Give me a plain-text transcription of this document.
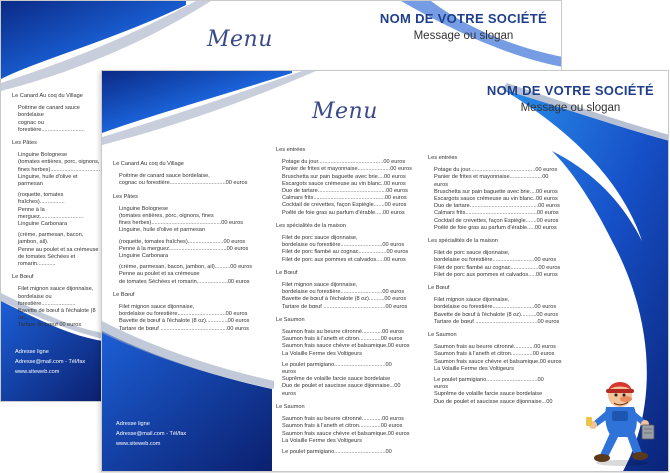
Menu
NOM DE VOTRE SOCIÉTÉ
Message ou slogan
Le Canard Au coq du Village
Poitrine de canard sauce bordelaise
cognac ou forestière............................
Les Pâtes
Linguine Bolognese
(tomates entières, porc, oignons,
fines herbes)................................
Linguine, huile d'olive et parmesan
(roquette, tomates fraîches)................
Penne à la merguez............................
Linguine Carbonara
(crème, parmesan, bacon, jambon, ail).
Penne au poulet et sa crémeuse
de tomates Séchées et romarin............
Le Bœuf
Filet mignon sauce dijonnaise,
bordelaise ou forestière......................
Bavette de bœuf à l'échalote (8 oz)......
Tartare de bœuf 00 euros
Adresse ligne
Adresse@mail.com - Tél/fax
www.siteweb.com
Menu
NOM DE VOTRE SOCIÉTÉ
Message ou slogan
Le Canard Au coq du Village
Poitrine de canard sauce bordelaise,
cognac ou forestière....................................00 euros
Les Pâtes
Linguine Bolognese
(tomates entières, porc, oignons, fines
fines herbes).............................................00 euros
Linguine, huile d'olive et parmesan
(roquette, tomates fraîches).......................00 euros
Penne à la merguez.....................................00 euros
Linguine Carbonara
(crème, parmesan, bacon, jambon, ail)..........00 euros
Penne au poulet et sa crémeuse
de tomates Séchées et romarin....................00 euros
Le Bœuf
Filet mignon sauce dijonnaise,
bordelaise ou forestière...............................00 euros
Bavette de bœuf à l'échalote (8 oz)..............00 euros
Tartare de bœuf ...........................................00 euros
Les entrées
Potage du jour..........................................00 euros
Panier de frites et mayonnaise.....................00 euros
Bruschetta sur pain baguette avec brie....00 euros
Escargots sauce crémeuse au vin blanc..00 euros
Duo de tartare............................................00 euros
Calmars frits..............................................00 euros
Cocktail de crevettes, façon Espiègle.......00 euros
Poêlé de foie gras au parfum d'érable.....00 euros
Les spécialités de la maison
Filet de porc sauce dijonnaise,
bordelaise ou forestière...........................00 euros
Filet de porc flambé au cognac..................00 euros
Filet de porc aux pommes et calvados.....00 euros
Le Bœuf
Filet mignon sauce dijonnaise,
bordelaise ou forestière...........................00 euros
Bavette de bœuf à l'échalote (8 oz)..........00 euros
Tartare de bœuf ........................................00 euros
Le Saumon
Saumon frais au beurre citronné.............00 euros
Saumon frais à l'aneth et citron..............00 euros
Saumon frais sauce chèvre et balsamique.00 euros
La Volaille Ferme des Voltigeurs
Le poulet parmigiano.................................00
euros
Suprême de volaille farcie sauce bordelaise
Duo de poulet et saucisse sauce dijonnaise...00
euros
Le Saumon
Saumon frais au beurre citronné.............00 euros
Saumon frais à l'aneth et citron..............00 euros
Saumon frais sauce chèvre et balsamique.00 euros
La Volaille Ferme des Voltigeurs
Le poulet parmigiano.................................00
Les entrées
Potage du jour..........................................00 euros
Panier de frites et mayonnaise.....................00 euros
Bruschetta sur pain baguette avec brie....00 euros
Escargots sauce crémeuse au vin blanc..00 euros
Duo de tartare............................................00 euros
Calmars frits..............................................00 euros
Cocktail de crevettes, façon Espiègle.......00 euros
Poêlé de foie gras au parfum d'érable.....00 euros
Les spécialités de la maison
Filet de porc sauce dijonnaise,
bordelaise ou forestière...........................00 euros
Filet de porc flambé au cognac..................00 euros
Filet de porc aux pommes et calvados.....00 euros
Le Bœuf
Filet mignon sauce dijonnaise,
bordelaise ou forestière...........................00 euros
Bavette de bœuf à l'échalote (8 oz)..........00 euros
Tartare de bœuf ........................................00 euros
Le Saumon
Saumon frais au beurre citronné.............00 euros
Saumon frais à l'aneth et citron..............00 euros
Saumon frais sauce chèvre et balsamique.00 euros
La Volaille Ferme des Voltigeurs
Le poulet parmigiano.................................00
euros
Suprême de volaille farcie sauce bordelaise
Duo de poulet et saucisse sauce dijonnaise...00
Adresse ligne
Adresse@mail.com - Tél/fax
www.siteweb.com
